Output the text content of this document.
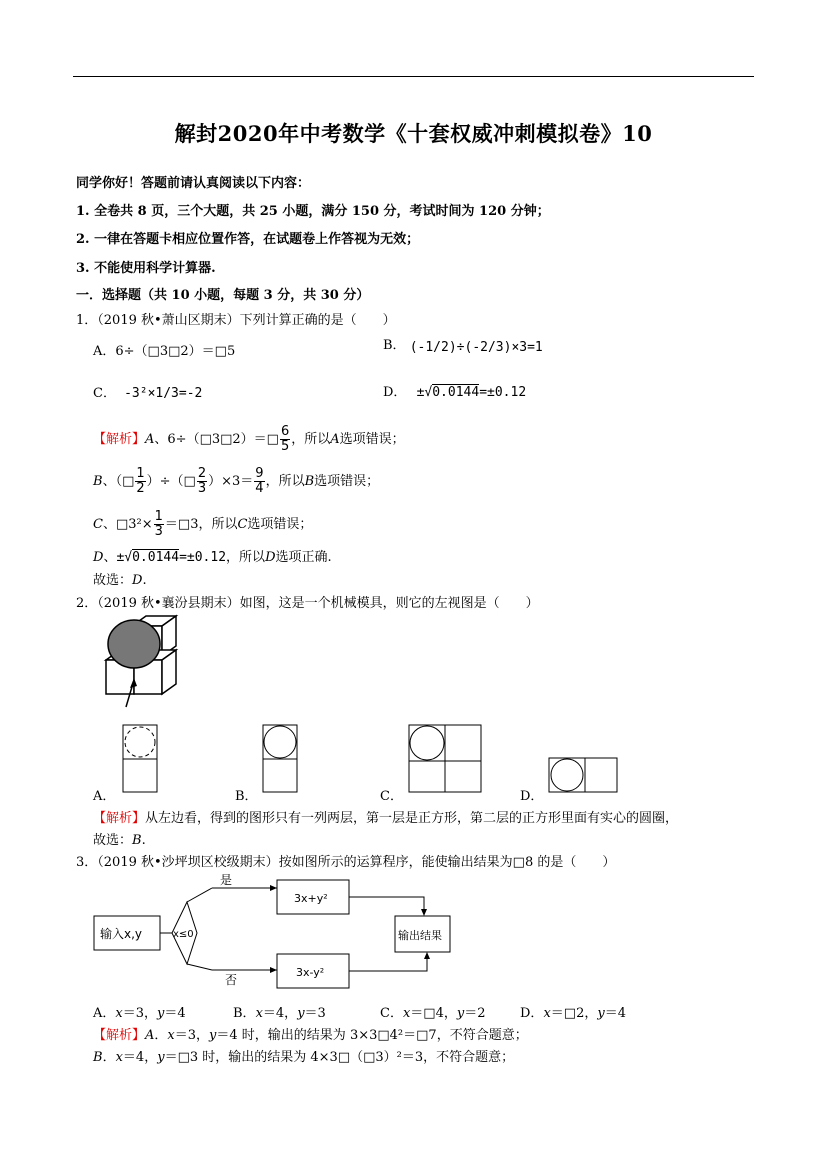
解封2020年中考数学《十套权威冲刺模拟卷》10
同学你好！答题前请认真阅读以下内容：
1. 全卷共 8 页，三个大题，共 25 小题，满分 150 分，考试时间为 120 分钟；
2. 一律在答题卡相应位置作答，在试题卷上作答视为无效；
3. 不能使用科学计算器.
一．选择题（共 10 小题，每题 3 分，共 30 分）
1．（2019 秋•萧山区期末）下列计算正确的是（　　）
A．6÷（□3□2）＝□5	B． (-1/2)÷(-2/3)×3=1
C． -3²×1/3=-2	D． ±√0.0144=±0.12
【解析】A、6÷（□3□2）＝□ $\frac{6}{5}$ ，所以A选项错误；
B、（□ $\frac{1}{2}$ ）÷（□ $\frac{2}{3} )\times 3= \frac{9}{4}$ ，所以B选项错误；
C、□3²× $\frac{1}{3}$ ＝□3，所以C选项错误；
D、±√0.0144=±0.12，所以D选项正确.
故选：D.
2．（2019 秋•襄汾县期末）如图，这是一个机械模具，则它的左视图是（　　）
A．	B．	C．	D．
【解析】从左边看，得到的图形只有一列两层，第一层是正方形，第二层的正方形里面有实心的圆圈，
故选：B.
3．（2019 秋•沙坪坝区校级期末）按如图所示的运算程序，能使输出结果为□8 的是（　　）
输入x,y	x≤0
是
否
3x+y²
3x-y²
输出结果
A．x＝3，y＝4	B．x＝4，y＝3	C．x＝□4，y＝2	D．x＝□2，y＝4
【解析】A．x＝3，y＝4 时，输出的结果为 3×3□4²＝□7，不符合题意；
B．x＝4，y＝□3 时，输出的结果为 4×3□（□3）²＝3，不符合题意；
